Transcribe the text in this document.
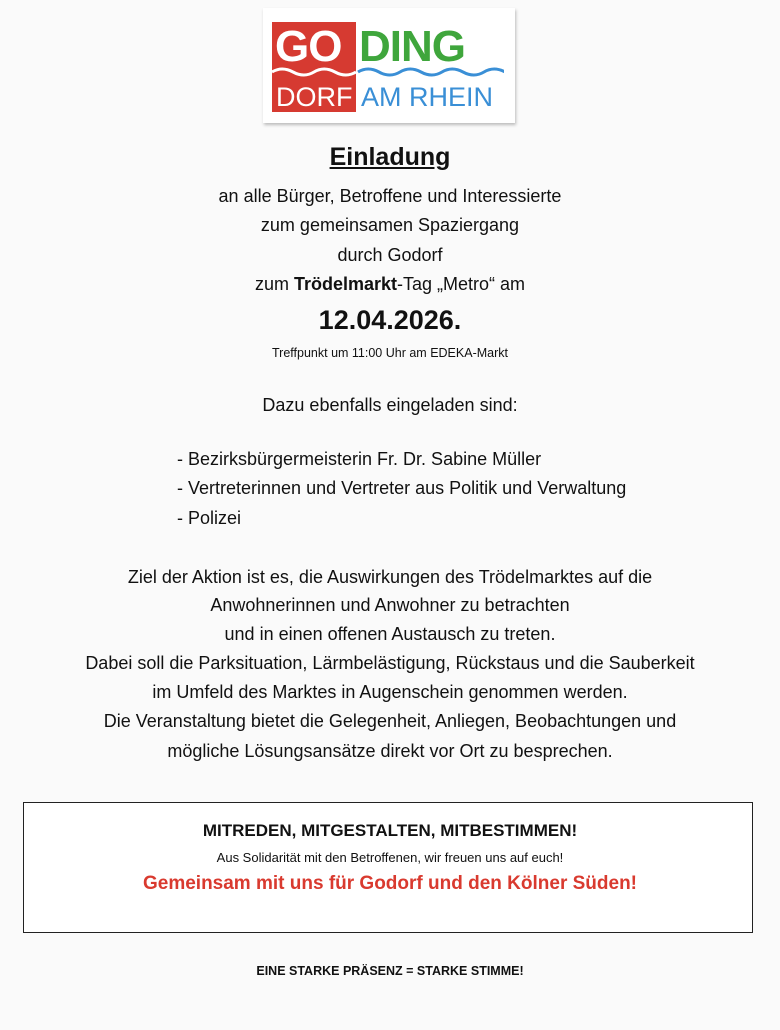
GO DING
DORF AM RHEIN
Einladung
an alle Bürger, Betroffene und Interessierte
zum gemeinsamen Spaziergang
durch Godorf
zum Trödelmarkt-Tag „Metro“ am
12.04.2026.
Treffpunkt um 11:00 Uhr am EDEKA-Markt
Dazu ebenfalls eingeladen sind:
- Bezirksbürgermeisterin Fr. Dr. Sabine Müller
- Vertreterinnen und Vertreter aus Politik und Verwaltung
- Polizei
Ziel der Aktion ist es, die Auswirkungen des Trödelmarktes auf die
Anwohnerinnen und Anwohner zu betrachten
und in einen offenen Austausch zu treten.
Dabei soll die Parksituation, Lärmbelästigung, Rückstaus und die Sauberkeit
im Umfeld des Marktes in Augenschein genommen werden.
Die Veranstaltung bietet die Gelegenheit, Anliegen, Beobachtungen und
mögliche Lösungsansätze direkt vor Ort zu besprechen.
MITREDEN, MITGESTALTEN, MITBESTIMMEN!
Aus Solidarität mit den Betroffenen, wir freuen uns auf euch!
Gemeinsam mit uns für Godorf und den Kölner Süden!
EINE STARKE PRÄSENZ = STARKE STIMME!
